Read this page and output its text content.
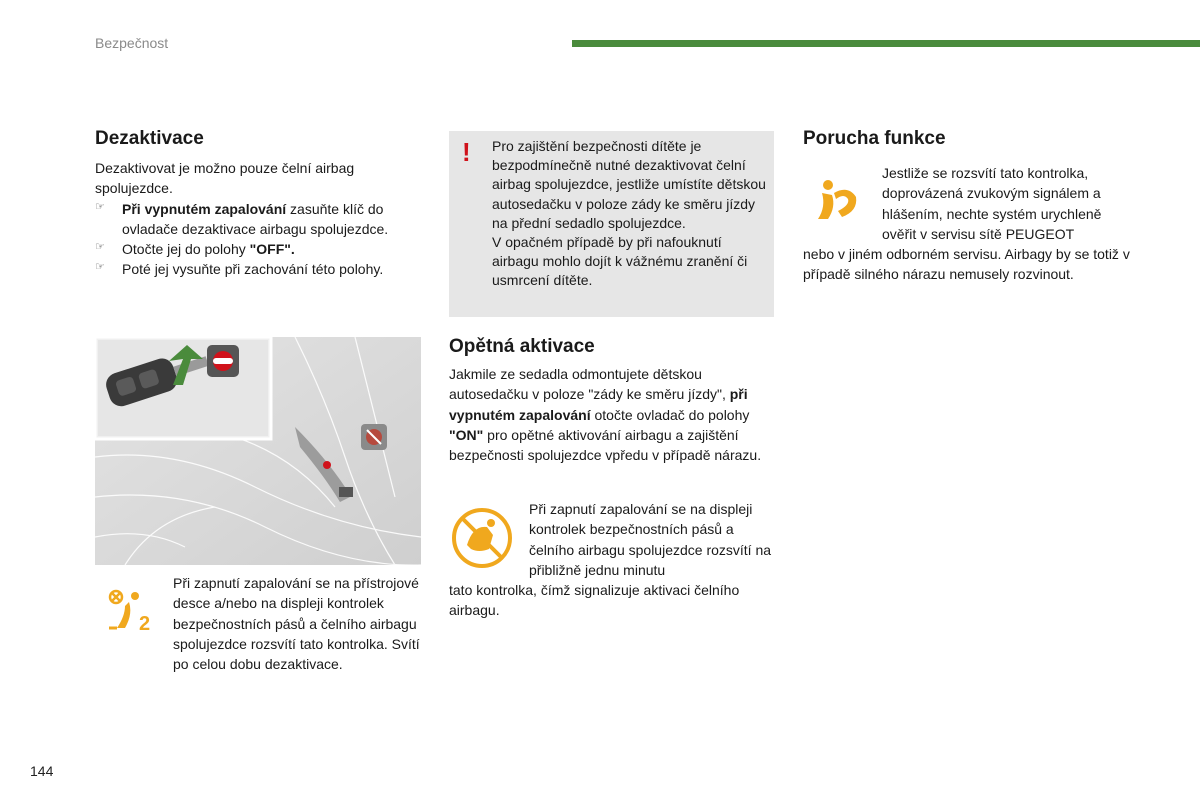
Bezpečnost
Dezaktivace

Dezaktivovat je možno pouze čelní airbag spolujezdce.

☞	Při vypnutém zapalování zasuňte klíč do ovladače dezaktivace airbagu spolujezdce.

☞	Otočte jej do polohy "OFF".

☞	Poté jej vysuňte při zachování této polohy.

2
Při zapnutí zapalování se na přístrojové desce a/nebo na displeji kontrolek bezpečnostních pásů a čelního airbagu spolujezdce rozsvítí tato kontrolka. Svítí po celou dobu dezaktivace.
! Pro zajištění bezpečnosti dítěte je bezpodmínečně nutné dezaktivovat čelní airbag spolujezdce, jestliže umístíte dětskou autosedačku v poloze zády ke směru jízdy na přední sedadlo spolujezdce.
V opačném případě by při nafouknutí airbagu mohlo dojít k vážnému zranění či usmrcení dítěte.
Opětná aktivace
Jakmile ze sedadla odmontujete dětskou autosedačku v poloze "zády ke směru jízdy", při vypnutém zapalování otočte ovladač do polohy "ON" pro opětné aktivování airbagu a zajištění bezpečnosti spolujezdce vpředu v případě nárazu.
Při zapnutí zapalování se na displeji kontrolek bezpečnostních pásů a čelního airbagu spolujezdce rozsvítí na přibližně jednu minutu
tato kontrolka, čímž signalizuje aktivaci čelního airbagu.
Porucha funkce
Jestliže se rozsvítí tato kontrolka, doprovázená zvukovým signálem a hlášením, nechte systém urychleně ověřit v servisu sítě PEUGEOT
nebo v jiném odborném servisu. Airbagy by se totiž v případě silného nárazu nemusely rozvinout.
144
